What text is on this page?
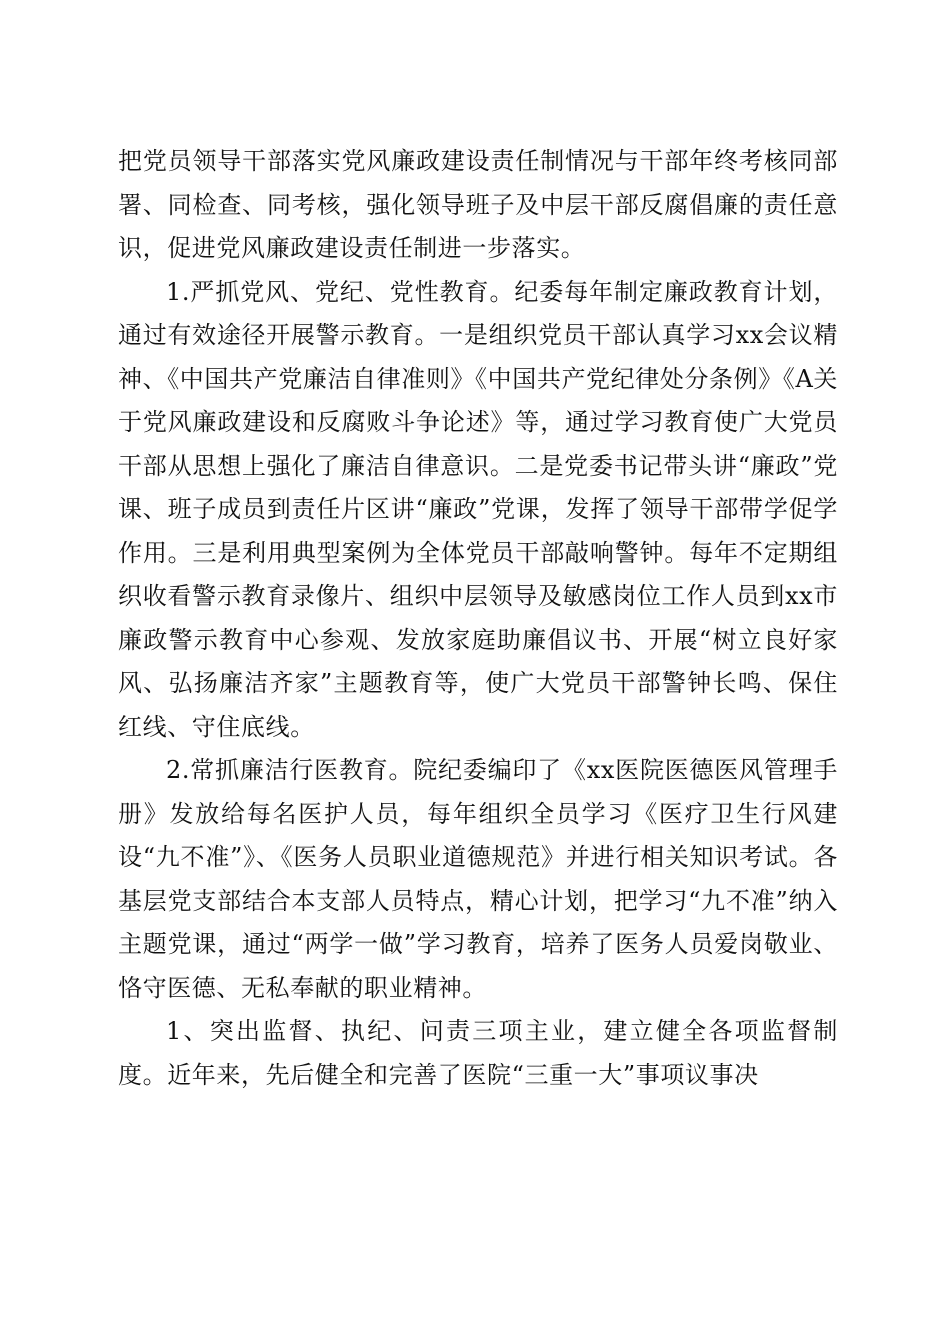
把党员领导干部落实党风廉政建设责任制情况与干部年终考核同部署、同检查、同考核，强化领导班子及中层干部反腐倡廉的责任意识，促进党风廉政建设责任制进一步落实。

1.严抓党风、党纪、党性教育。纪委每年制定廉政教育计划，通过有效途径开展警示教育。一是组织党员干部认真学习xx会议精神、《中国共产党廉洁自律准则》《中国共产党纪律处分条例》《A关于党风廉政建设和反腐败斗争论述》等，通过学习教育使广大党员干部从思想上强化了廉洁自律意识。二是党委书记带头讲“廉政”党课、班子成员到责任片区讲“廉政”党课，发挥了领导干部带学促学作用。三是利用典型案例为全体党员干部敲响警钟。每年不定期组织收看警示教育录像片、组织中层领导及敏感岗位工作人员到xx市廉政警示教育中心参观、发放家庭助廉倡议书、开展“树立良好家风、弘扬廉洁齐家”主题教育等，使广大党员干部警钟长鸣、保住红线、守住底线。

2.常抓廉洁行医教育。院纪委编印了《xx医院医德医风管理手册》发放给每名医护人员，每年组织全员学习《医疗卫生行风建设“九不准”》、《医务人员职业道德规范》并进行相关知识考试。各基层党支部结合本支部人员特点，精心计划，把学习“九不准”纳入主题党课，通过“两学一做”学习教育，培养了医务人员爱岗敬业、恪守医德、无私奉献的职业精神。

1、突出监督、执纪、问责三项主业，建立健全各项监督制度。近年来，先后健全和完善了医院“三重一大”事项议事决
